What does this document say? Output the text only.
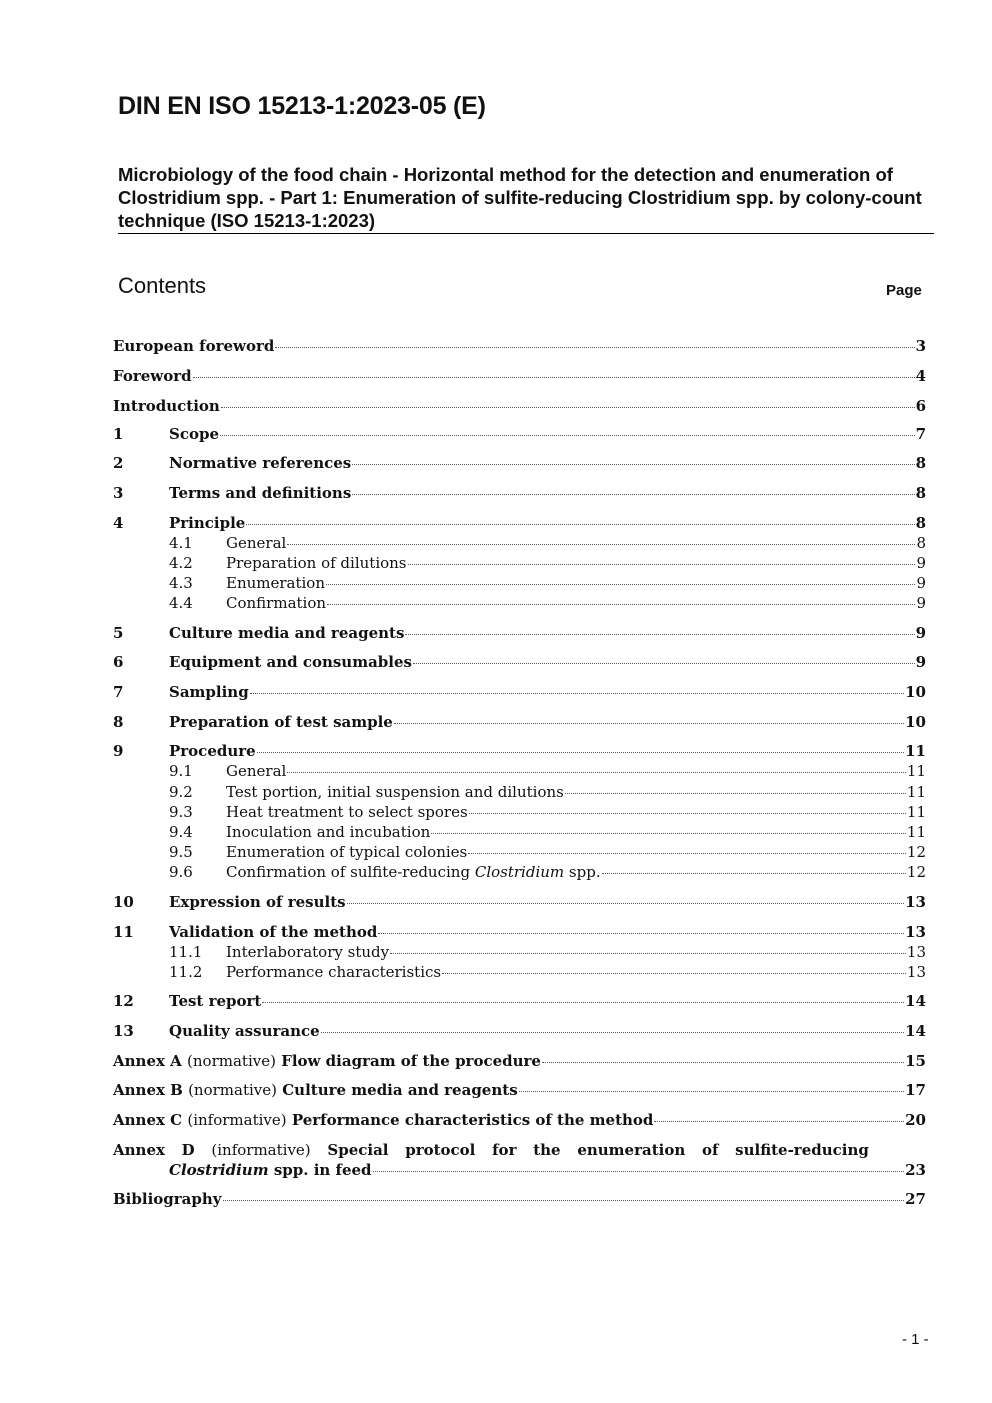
DIN EN ISO 15213-1:2023-05 (E)
Microbiology of the food chain - Horizontal method for the detection and enumeration of Clostridium spp. - Part 1: Enumeration of sulfite-reducing Clostridium spp. by colony-count technique (ISO 15213-1:2023)
Contents	Page
European foreword	3
Foreword	4
Introduction	6
1	Scope	7
2	Normative references	8
3	Terms and definitions	8
4	Principle	8
4.1	General	8
4.2	Preparation of dilutions	9
4.3	Enumeration	9
4.4	Confirmation	9
5	Culture media and reagents	9
6	Equipment and consumables	9
7	Sampling	10
8	Preparation of test sample	10
9	Procedure	11
9.1	General	11
9.2	Test portion, initial suspension and dilutions	11
9.3	Heat treatment to select spores	11
9.4	Inoculation and incubation	11
9.5	Enumeration of typical colonies	12
9.6	Confirmation of sulfite-reducing Clostridium spp.	12
10	Expression of results	13
11	Validation of the method	13
11.1	Interlaboratory study	13
11.2	Performance characteristics	13
12	Test report	14
13	Quality assurance	14
Annex A (normative) Flow diagram of the procedure	15
Annex B (normative) Culture media and reagents	17
Annex C (informative) Performance characteristics of the method	20
Annex D (informative) Special protocol for the enumeration of sulfite-reducing
Clostridium spp. in feed	23
Bibliography	27
- 1 -
